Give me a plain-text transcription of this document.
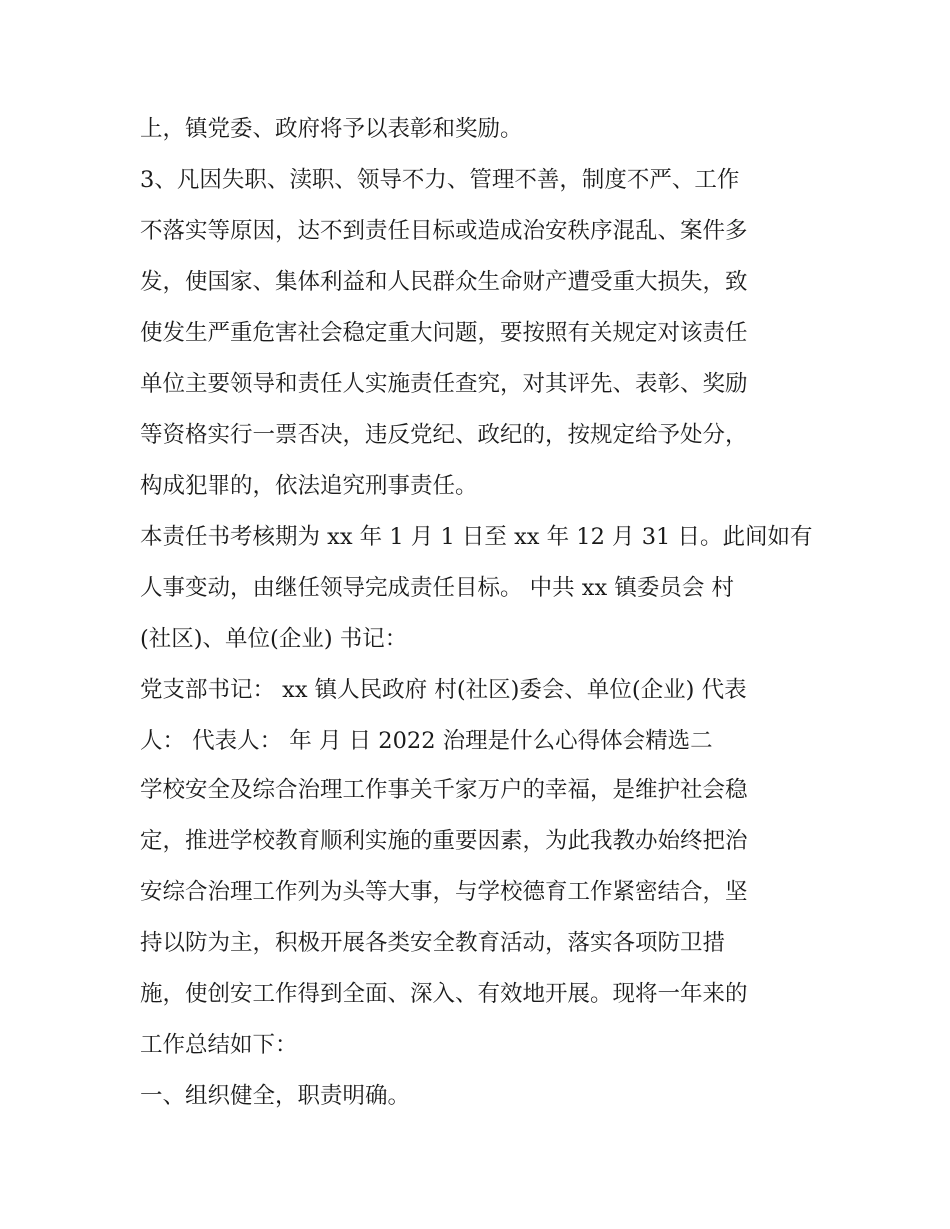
上，镇党委、政府将予以表彰和奖励。
3、凡因失职、渎职、领导不力、管理不善，制度不严、工作
不落实等原因，达不到责任目标或造成治安秩序混乱、案件多
发，使国家、集体利益和人民群众生命财产遭受重大损失，致
使发生严重危害社会稳定重大问题，要按照有关规定对该责任
单位主要领导和责任人实施责任查究，对其评先、表彰、奖励
等资格实行一票否决，违反党纪、政纪的，按规定给予处分，
构成犯罪的，依法追究刑事责任。
本责任书考核期为 xx 年 1 月 1 日至 xx 年 12 月 31 日。此间如有
人事变动，由继任领导完成责任目标。 中共 xx 镇委员会 村
(社区)、单位(企业) 书记：
党支部书记： xx 镇人民政府 村(社区)委会、单位(企业) 代表
人： 代表人： 年 月 日 2022 治理是什么心得体会精选二
学校安全及综合治理工作事关千家万户的幸福，是维护社会稳
定，推进学校教育顺利实施的重要因素，为此我教办始终把治
安综合治理工作列为头等大事，与学校德育工作紧密结合，坚
持以防为主，积极开展各类安全教育活动，落实各项防卫措
施，使创安工作得到全面、深入、有效地开展。现将一年来的
工作总结如下：
一、组织健全，职责明确。
